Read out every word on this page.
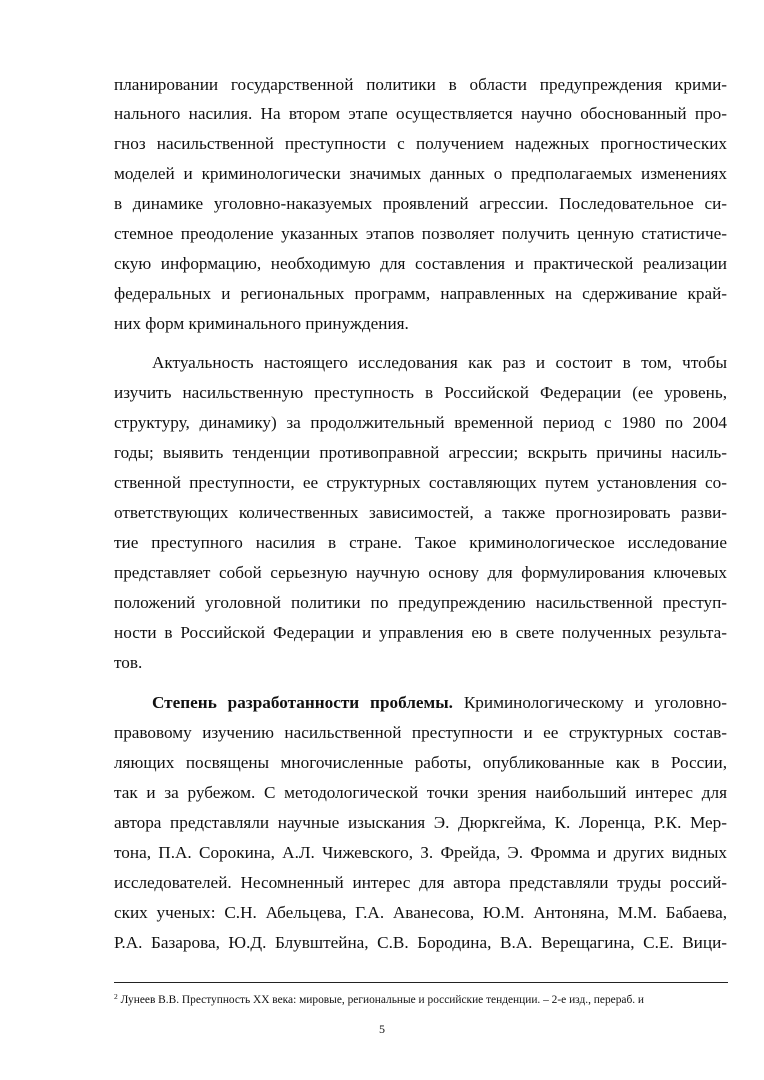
планировании государственной политики в области предупреждения крими-
нального насилия. На втором этапе осуществляется научно обоснованный про-
гноз насильственной преступности с получением надежных прогностических
моделей и криминологически значимых данных о предполагаемых изменениях
в динамике уголовно-наказуемых проявлений агрессии. Последовательное си-
стемное преодоление указанных этапов позволяет получить ценную статистиче-
скую информацию, необходимую для составления и практической реализации
федеральных и региональных программ, направленных на сдерживание край-
них форм криминального принуждения.
Актуальность настоящего исследования как раз и состоит в том, чтобы
изучить насильственную преступность в Российской Федерации (ее уровень,
структуру, динамику) за продолжительный временной период с 1980 по 2004
годы; выявить тенденции противоправной агрессии; вскрыть причины насиль-
ственной преступности, ее структурных составляющих путем установления со-
ответствующих количественных зависимостей, а также прогнозировать разви-
тие преступного насилия в стране. Такое криминологическое исследование
представляет собой серьезную научную основу для формулирования ключевых
положений уголовной политики по предупреждению насильственной преступ-
ности в Российской Федерации и управления ею в свете полученных результа-
тов.
Степень разработанности проблемы. Криминологическому и уголовно-
правовому изучению насильственной преступности и ее структурных состав-
ляющих посвящены многочисленные работы, опубликованные как в России,
так и за рубежом. С методологической точки зрения наибольший интерес для
автора представляли научные изыскания Э. Дюркгейма, К. Лоренца, Р.К. Мер-
тона, П.А. Сорокина, А.Л. Чижевского, З. Фрейда, Э. Фромма и других видных
исследователей. Несомненный интерес для автора представляли труды россий-
ских ученых: С.Н. Абельцева, Г.А. Аванесова, Ю.М. Антоняна, М.М. Бабаева,
Р.А. Базарова, Ю.Д. Блувштейна, С.В. Бородина, В.А. Верещагина, С.Е. Вици-
$^2$ Лунеев В.В. Преступность XX века: мировые, региональные и российские тенденции. – 2-е изд., перераб. и
5
